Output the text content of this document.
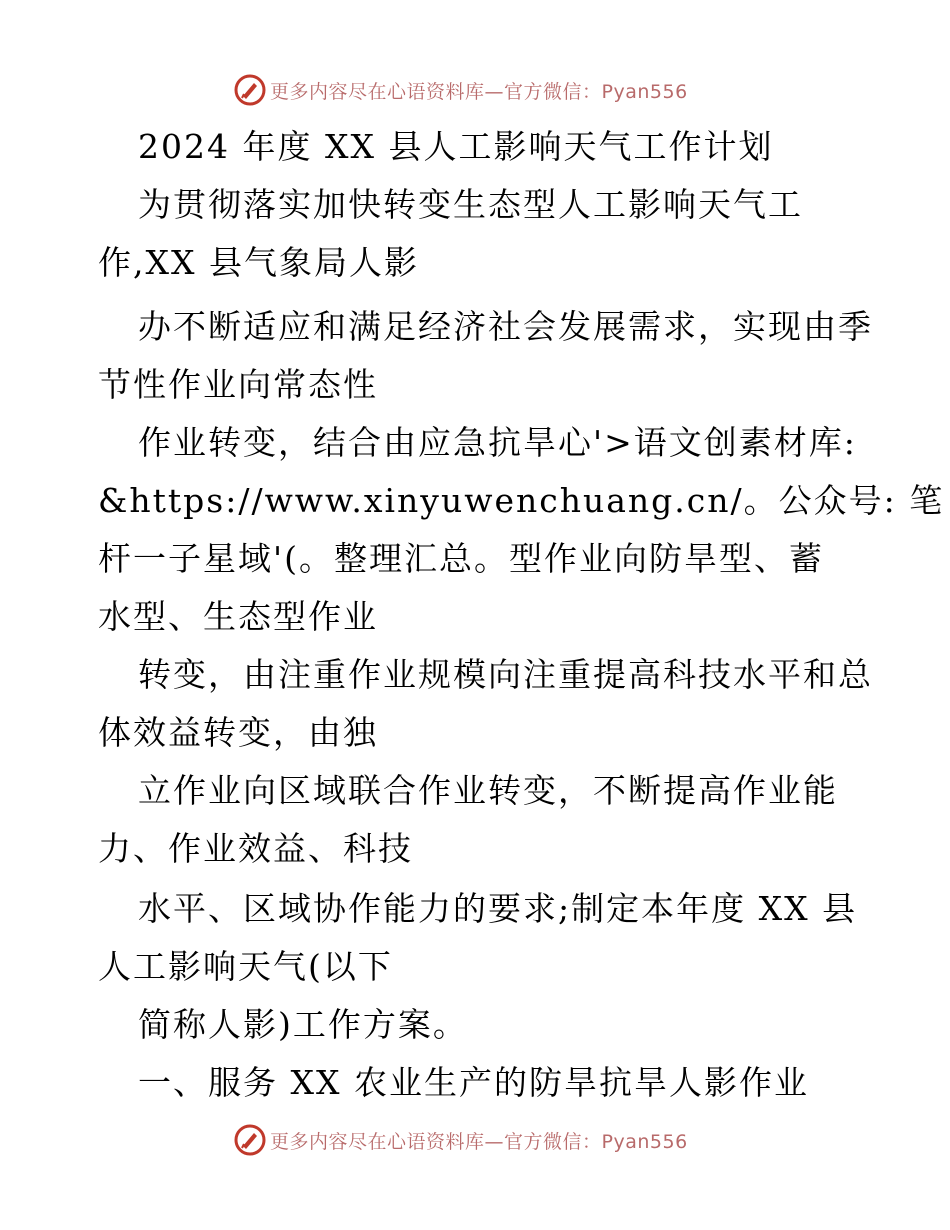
更多内容尽在心语资料库—官方微信：Pyan556
2024 年度 XX 县人工影响天气工作计划
为贯彻落实加快转变生态型人工影响天气工
作,XX 县气象局人影
办不断适应和满足经济社会发展需求，实现由季
节性作业向常态性
作业转变，结合由应急抗旱心'>语文创素材库:
&https://www.xinyuwenchuang.cn/。公众号: 笔
杆一子星域'(。整理汇总。型作业向防旱型、蓄
水型、生态型作业
转变，由注重作业规模向注重提高科技水平和总
体效益转变，由独
立作业向区域联合作业转变，不断提高作业能
力、作业效益、科技
水平、区域协作能力的要求;制定本年度 XX 县
人工影响天气(以下
简称人影)工作方案。
一、服务 XX 农业生产的防旱抗旱人影作业
更多内容尽在心语资料库—官方微信：Pyan556
